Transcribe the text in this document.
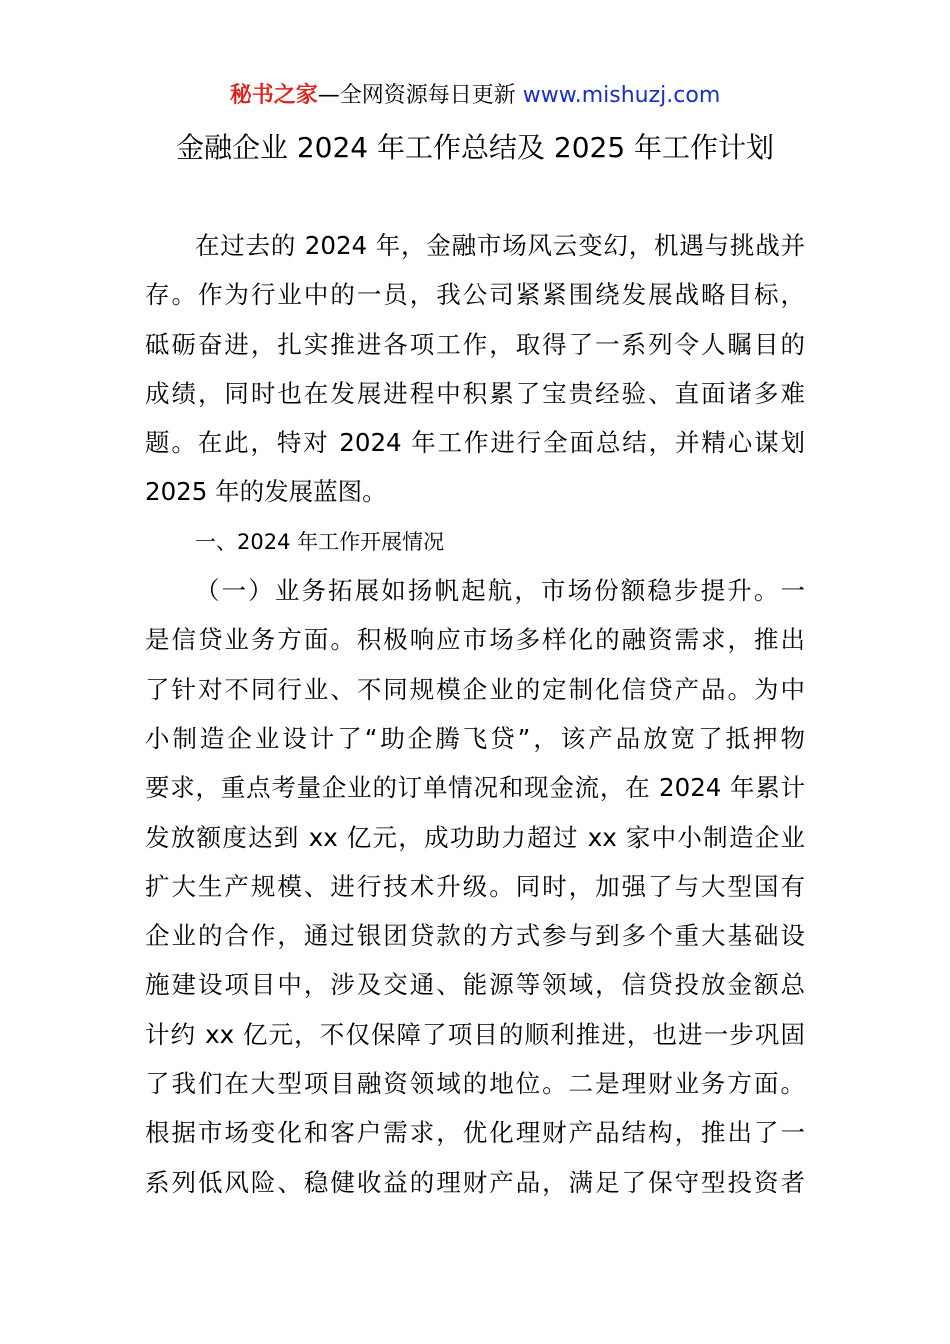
秘书之家—全网资源每日更新 www.mishuzj.com
金融企业 2024 年工作总结及 2025 年工作计划
在过去的 2024 年，金融市场风云变幻，机遇与挑战并
存。作为行业中的一员，我公司紧紧围绕发展战略目标，
砥砺奋进，扎实推进各项工作，取得了一系列令人瞩目的
成绩，同时也在发展进程中积累了宝贵经验、直面诸多难
题。在此，特对 2024 年工作进行全面总结，并精心谋划
2025 年的发展蓝图。
一、2024 年工作开展情况
（一）业务拓展如扬帆起航，市场份额稳步提升。一
是信贷业务方面。积极响应市场多样化的融资需求，推出
了针对不同行业、不同规模企业的定制化信贷产品。为中
小制造企业设计了“助企腾飞贷”，该产品放宽了抵押物
要求，重点考量企业的订单情况和现金流，在 2024 年累计
发放额度达到 xx 亿元，成功助力超过 xx 家中小制造企业
扩大生产规模、进行技术升级。同时，加强了与大型国有
企业的合作，通过银团贷款的方式参与到多个重大基础设
施建设项目中，涉及交通、能源等领域，信贷投放金额总
计约 xx 亿元，不仅保障了项目的顺利推进，也进一步巩固
了我们在大型项目融资领域的地位。二是理财业务方面。
根据市场变化和客户需求，优化理财产品结构，推出了一
系列低风险、稳健收益的理财产品，满足了保守型投资者
